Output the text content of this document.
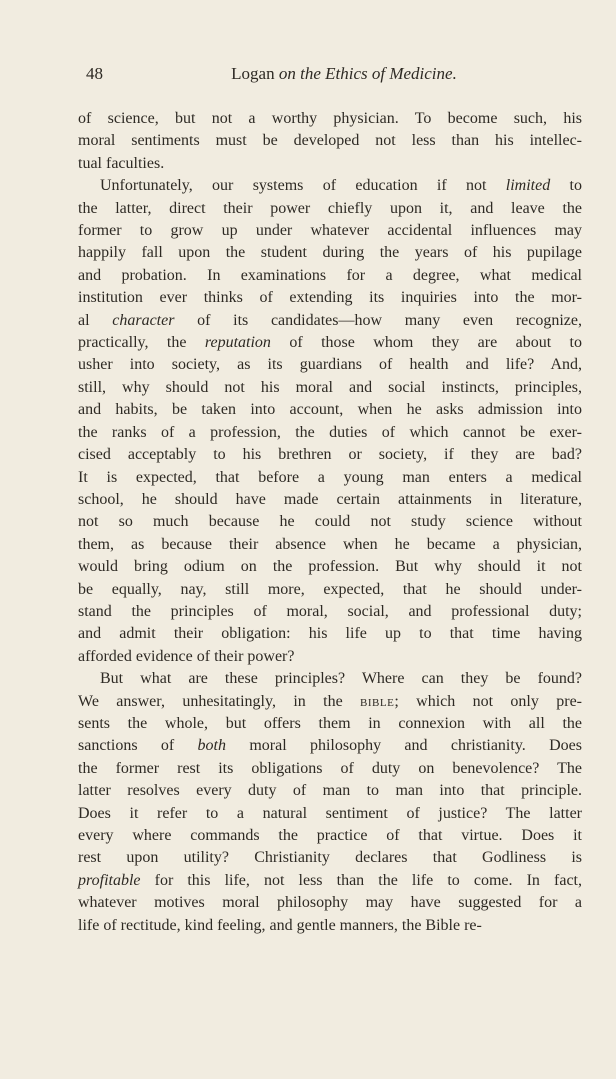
48	Logan on the Ethics of Medicine.

of science, but not a worthy physician. To become such, his
moral sentiments must be developed not less than his intellec-
tual faculties.

Unfortunately, our systems of education if not limited to
the latter, direct their power chiefly upon it, and leave the
former to grow up under whatever accidental influences may
happily fall upon the student during the years of his pupilage
and probation. In examinations for a degree, what medical
institution ever thinks of extending its inquiries into the mor-
al character of its candidates—how many even recognize,
practically, the reputation of those whom they are about to
usher into society, as its guardians of health and life? And,
still, why should not his moral and social instincts, principles,
and habits, be taken into account, when he asks admission into
the ranks of a profession, the duties of which cannot be exer-
cised acceptably to his brethren or society, if they are bad?
It is expected, that before a young man enters a medical
school, he should have made certain attainments in literature,
not so much because he could not study science without
them, as because their absence when he became a physician,
would bring odium on the profession. But why should it not
be equally, nay, still more, expected, that he should under-
stand the principles of moral, social, and professional duty;
and admit their obligation: his life up to that time having
afforded evidence of their power?

But what are these principles? Where can they be found?
We answer, unhesitatingly, in the bible; which not only pre-
sents the whole, but offers them in connexion with all the
sanctions of both moral philosophy and christianity. Does
the former rest its obligations of duty on benevolence? The
latter resolves every duty of man to man into that principle.
Does it refer to a natural sentiment of justice? The latter
every where commands the practice of that virtue. Does it
rest upon utility? Christianity declares that Godliness is
profitable for this life, not less than the life to come. In fact,
whatever motives moral philosophy may have suggested for a
life of rectitude, kind feeling, and gentle manners, the Bible re-
